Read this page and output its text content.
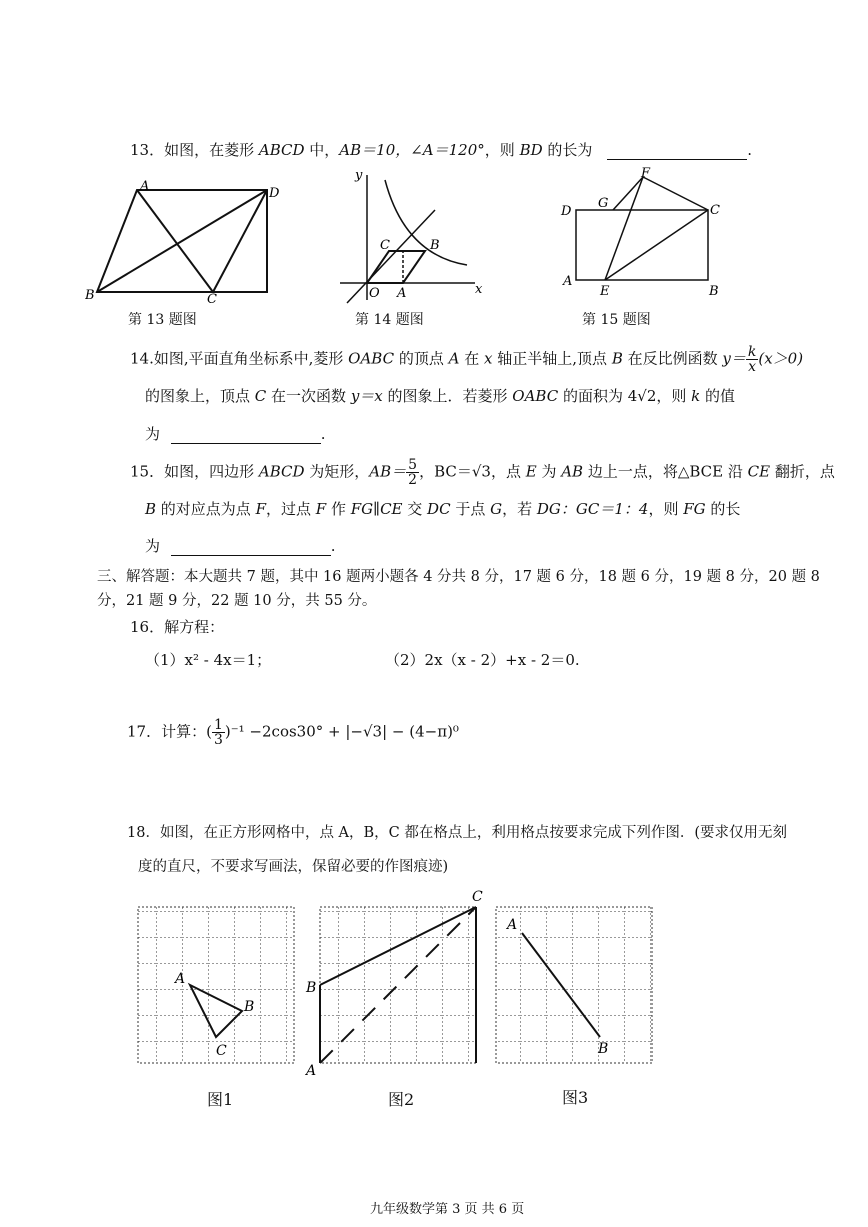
13．如图，在菱形 ABCD 中，AB＝10，∠A＝120°，则 BD 的长为	.
A
B	C
D
第 13 题图
y
x
O A
B
C
第 14 题图
A
B
C
D
E
F
G
第 15 题图
14.如图,平面直角坐标系中,菱形 OABC 的顶点 A 在 x 轴正半轴上,顶点 B 在反比例函数 $y= \frac{k}{x} (x>0)$
的图象上，顶点 C 在一次函数 y＝x 的图象上．若菱形 OABC 的面积为 4√2，则 k 的值
为	.
15．如图，四边形 ABCD 为矩形，$AB= \frac{5}{2}$ ，BC＝√3，点 E 为 AB 边上一点，将△BCE 沿 CE 翻折，点
B 的对应点为点 F，过点 F 作 FG∥CE 交 DC 于点 G，若 DG：GC＝1：4，则 FG 的长
为	.
三、解答题：本大题共 7 题，其中 16 题两小题各 4 分共 8 分，17 题 6 分，18 题 6 分，19 题 8 分，20 题 8
分，21 题 9 分，22 题 10 分，共 55 分。
16．解方程：
（1）x² - 4x＝1；	（2）2x（x - 2）+x - 2＝0.
17．计算：( $\frac{1}{3} )^{-1} -2\cos 30^\circ + |-√3| - (4-\pi)^0$
18．如图，在正方形网格中，点 A，B，C 都在格点上，利用格点按要求完成下列作图．(要求仅用无刻
度的直尺，不要求写画法，保留必要的作图痕迹)
A
B
C
B
A
C
A
B
图1	图2	图3
九年级数学第 3 页 共 6 页
